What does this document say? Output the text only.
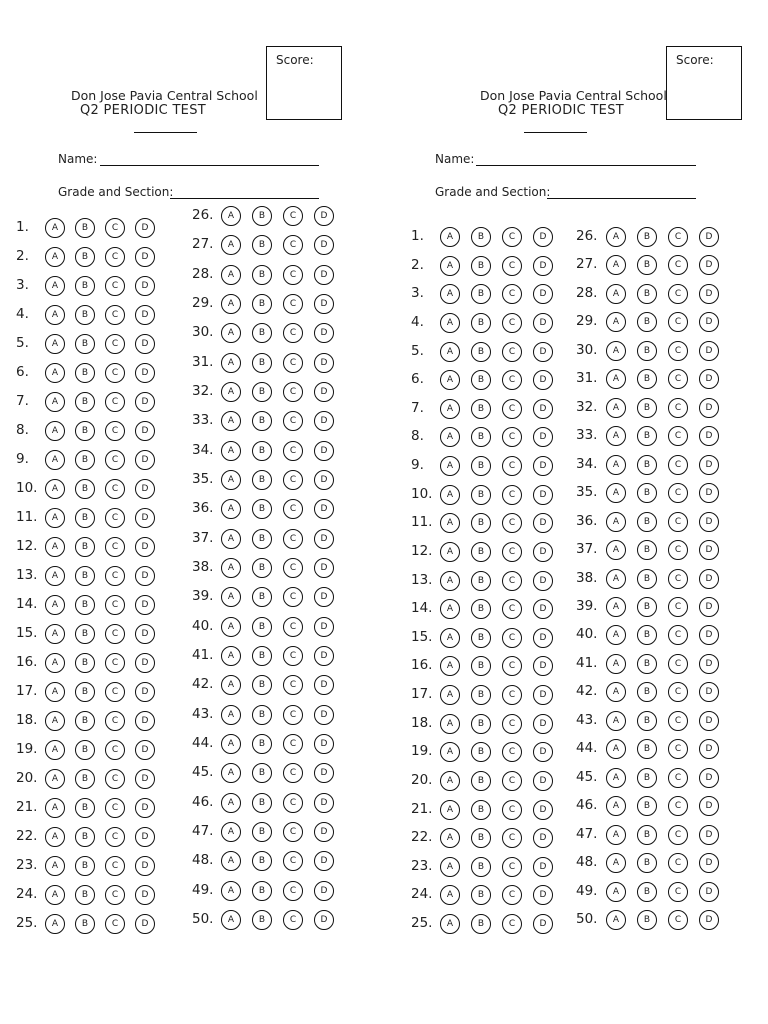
Score:
Don Jose Pavia Central School
Q2 PERIODIC TEST
Name:
Grade and Section:
1.	A	B	C	D
2.	A	B	C	D
3.	A	B	C	D
4.	A	B	C	D
5.	A	B	C	D
6.	A	B	C	D
7.	A	B	C	D
8.	A	B	C	D
9.	A	B	C	D
10.	A	B	C	D
11.	A	B	C	D
12.	A	B	C	D
13.	A	B	C	D
14.	A	B	C	D
15.	A	B	C	D
16.	A	B	C	D
17.	A	B	C	D
18.	A	B	C	D
19.	A	B	C	D
20.	A	B	C	D
21.	A	B	C	D
22.	A	B	C	D
23.	A	B	C	D
24.	A	B	C	D
25.	A	B	C	D
26.	A	B	C	D
27.	A	B	C	D
28.	A	B	C	D
29.	A	B	C	D
30.	A	B	C	D
31.	A	B	C	D
32.	A	B	C	D
33.	A	B	C	D
34.	A	B	C	D
35.	A	B	C	D
36.	A	B	C	D
37.	A	B	C	D
38.	A	B	C	D
39.	A	B	C	D
40.	A	B	C	D
41.	A	B	C	D
42.	A	B	C	D
43.	A	B	C	D
44.	A	B	C	D
45.	A	B	C	D
46.	A	B	C	D
47.	A	B	C	D
48.	A	B	C	D
49.	A	B	C	D
50.	A	B	C	D
Score:
Don Jose Pavia Central School
Q2 PERIODIC TEST
Name:
Grade and Section:
1.	A	B	C	D
2.	A	B	C	D
3.	A	B	C	D
4.	A	B	C	D
5.	A	B	C	D
6.	A	B	C	D
7.	A	B	C	D
8.	A	B	C	D
9.	A	B	C	D
10.	A	B	C	D
11.	A	B	C	D
12.	A	B	C	D
13.	A	B	C	D
14.	A	B	C	D
15.	A	B	C	D
16.	A	B	C	D
17.	A	B	C	D
18.	A	B	C	D
19.	A	B	C	D
20.	A	B	C	D
21.	A	B	C	D
22.	A	B	C	D
23.	A	B	C	D
24.	A	B	C	D
25.	A	B	C	D
26.	A	B	C	D
27.	A	B	C	D
28.	A	B	C	D
29.	A	B	C	D
30.	A	B	C	D
31.	A	B	C	D
32.	A	B	C	D
33.	A	B	C	D
34.	A	B	C	D
35.	A	B	C	D
36.	A	B	C	D
37.	A	B	C	D
38.	A	B	C	D
39.	A	B	C	D
40.	A	B	C	D
41.	A	B	C	D
42.	A	B	C	D
43.	A	B	C	D
44.	A	B	C	D
45.	A	B	C	D
46.	A	B	C	D
47.	A	B	C	D
48.	A	B	C	D
49.	A	B	C	D
50.	A	B	C	D
